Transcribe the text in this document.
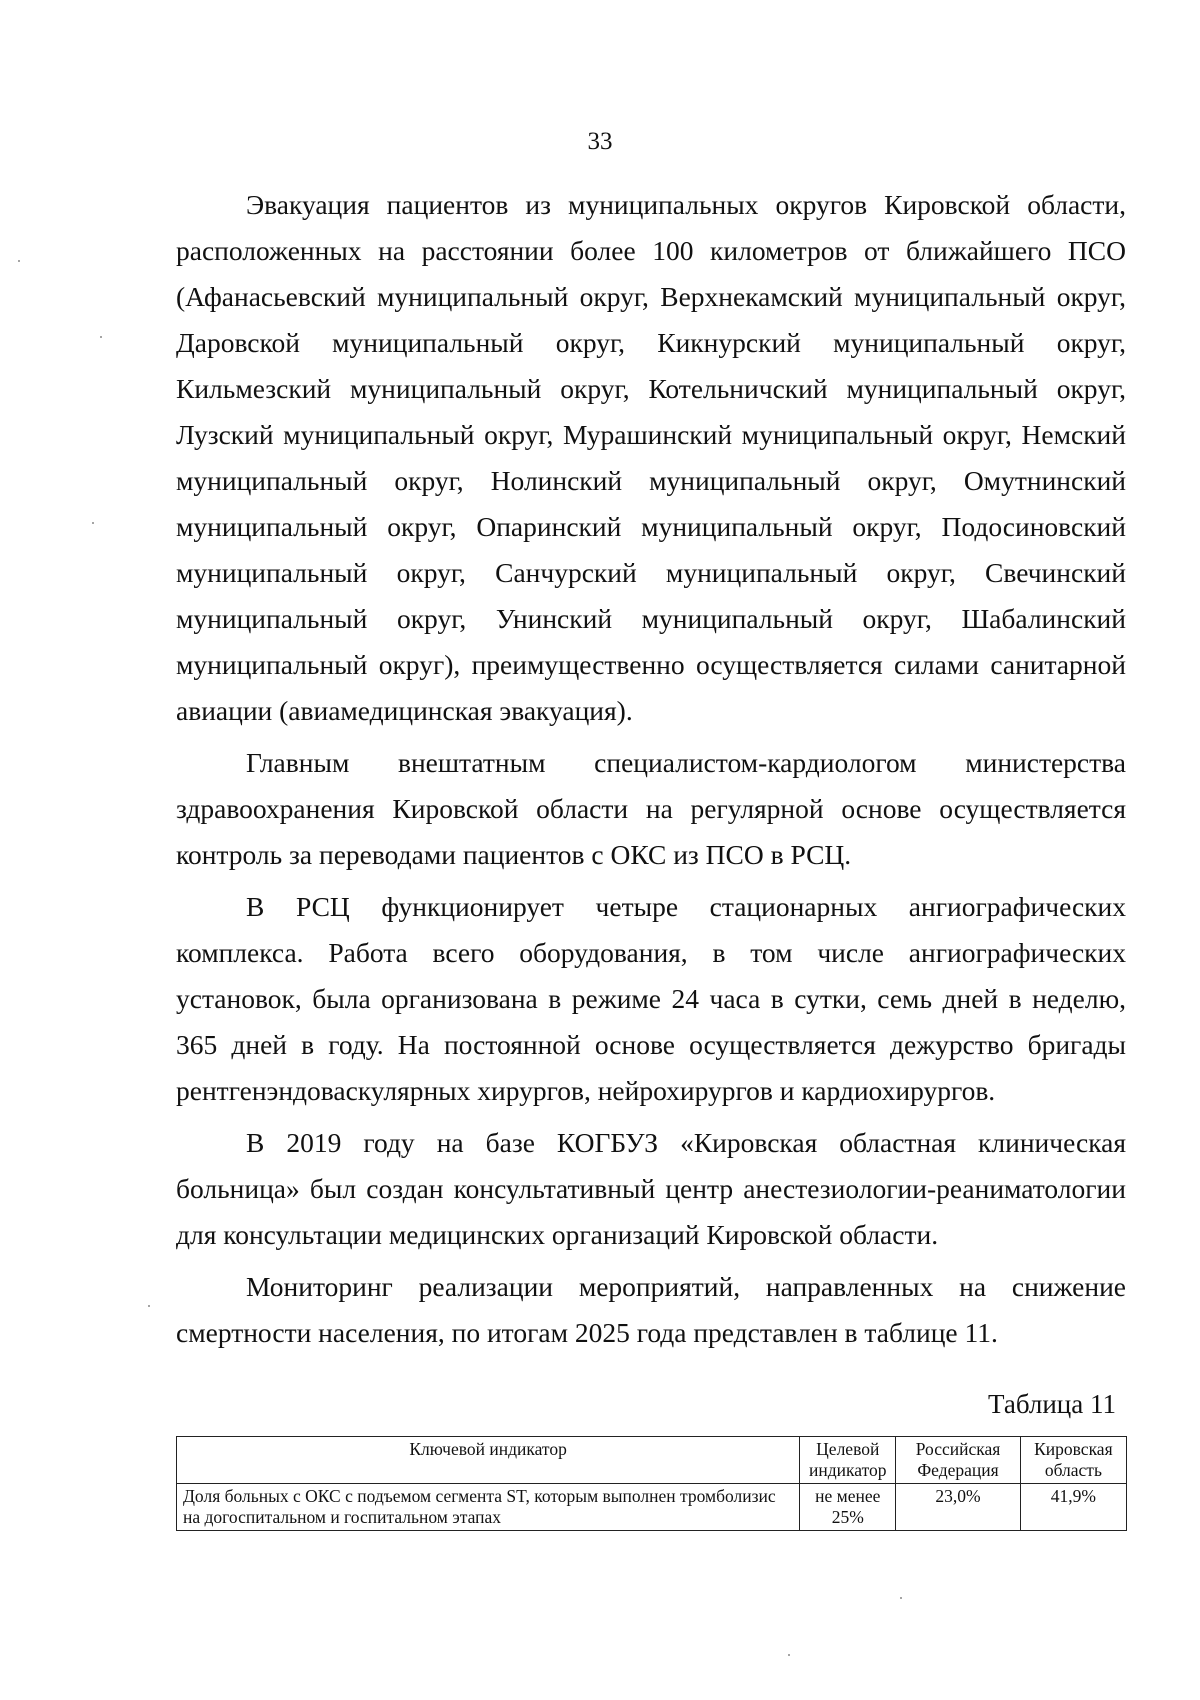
33

Эвакуация пациентов из муниципальных округов Кировской области, расположенных на расстоянии более 100 километров от ближайшего ПСО (Афанасьевский муниципальный округ, Верхнекамский муниципальный округ, Даровской муниципальный округ, Кикнурский муниципальный округ, Кильмезский муниципальный округ, Котельничский муниципальный округ, Лузский муниципальный округ, Мурашинский муниципальный округ, Немский муниципальный округ, Нолинский муниципальный округ, Омутнинский муниципальный округ, Опаринский муниципальный округ, Подосиновский муниципальный округ, Санчурский муниципальный округ, Свечинский муниципальный округ, Унинский муниципальный округ, Шабалинский муниципальный округ), преимущественно осуществляется силами санитарной авиации (авиамедицинская эвакуация).

Главным внештатным специалистом-кардиологом министерства здравоохранения Кировской области на регулярной основе осуществляется контроль за переводами пациентов с ОКС из ПСО в РСЦ.

В РСЦ функционирует четыре стационарных ангиографических комплекса. Работа всего оборудования, в том числе ангиографических установок, была организована в режиме 24 часа в сутки, семь дней в неделю, 365 дней в году. На постоянной основе осуществляется дежурство бригады рентгенэндоваскулярных хирургов, нейрохирургов и кардиохирургов.

В 2019 году на базе КОГБУЗ «Кировская областная клиническая больница» был создан консультативный центр анестезиологии-реаниматологии для консультации медицинских организаций Кировской области.

Мониторинг реализации мероприятий, направленных на снижение смертности населения, по итогам 2025 года представлен в таблице 11.

Таблица 11
Ключевой индикатор	Целевой индикатор	Российская Федерация	Кировская область
Доля больных с ОКС с подъемом сегмента ST, которым выполнен тромболизис на догоспитальном и госпитальном этапах	не менее 25%	23,0%	41,9%
